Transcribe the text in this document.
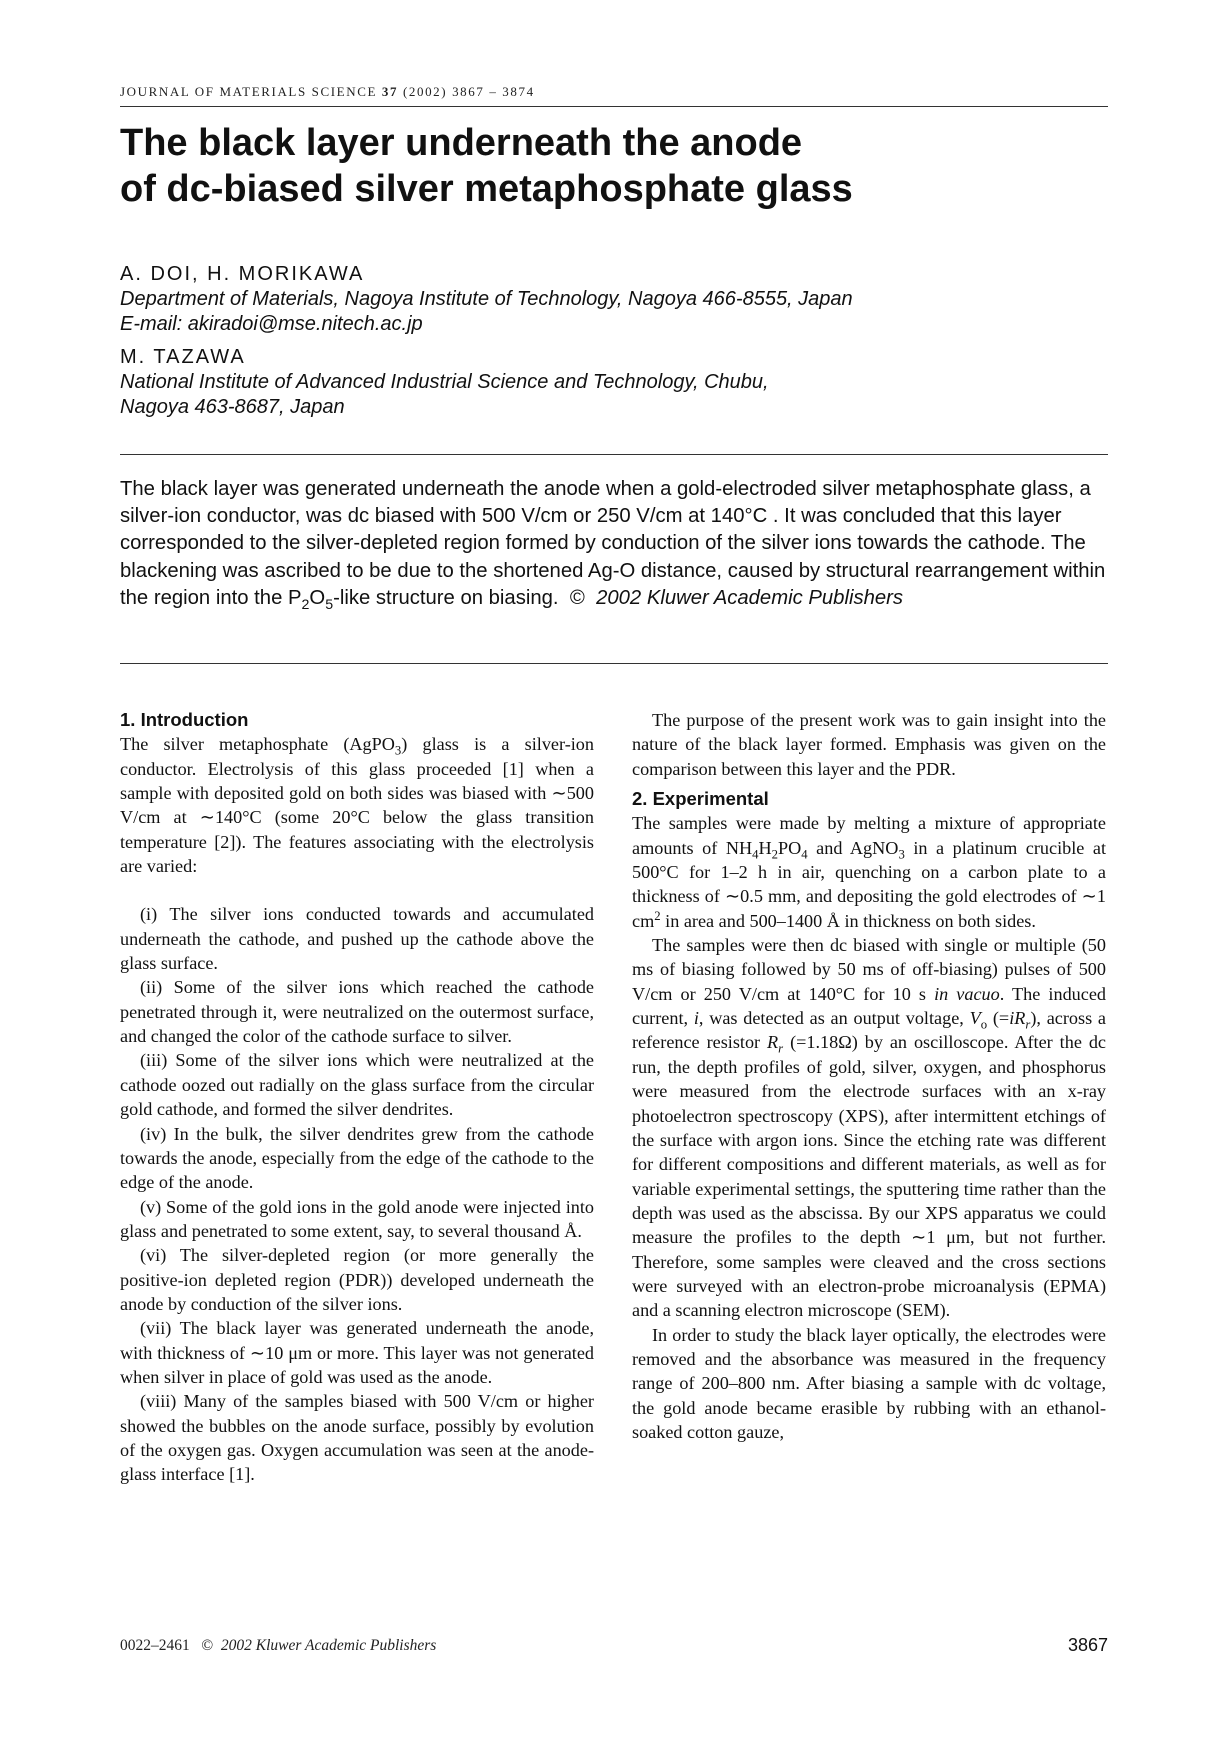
JOURNAL OF MATERIALS SCIENCE 37 (2002) 3867 – 3874
The black layer underneath the anode
of dc-biased silver metaphosphate glass
A. DOI, H. MORIKAWA
Department of Materials, Nagoya Institute of Technology, Nagoya 466-8555, Japan
E-mail: akiradoi@mse.nitech.ac.jp
M. TAZAWA
National Institute of Advanced Industrial Science and Technology, Chubu,
Nagoya 463-8687, Japan
The black layer was generated underneath the anode when a gold-electroded silver metaphosphate glass, a silver-ion conductor, was dc biased with 500 V/cm or 250 V/cm at 140°C . It was concluded that this layer corresponded to the silver-depleted region formed by conduction of the silver ions towards the cathode. The blackening was ascribed to be due to the shortened Ag-O distance, caused by structural rearrangement within the region into the $P_2O_5$-like structure on biasing. © 2002 Kluwer Academic Publishers

1. Introduction

The silver metaphosphate (AgPO$_3$) glass is a silver-ion conductor. Electrolysis of this glass proceeded [1] when a sample with deposited gold on both sides was biased with ∼500 V/cm at ∼140°C (some 20°C below the glass transition temperature [2]). The features associating with the electrolysis are varied:

(i) The silver ions conducted towards and accumulated underneath the cathode, and pushed up the cathode above the glass surface.

(ii) Some of the silver ions which reached the cathode penetrated through it, were neutralized on the outermost surface, and changed the color of the cathode surface to silver.

(iii) Some of the silver ions which were neutralized at the cathode oozed out radially on the glass surface from the circular gold cathode, and formed the silver dendrites.

(iv) In the bulk, the silver dendrites grew from the cathode towards the anode, especially from the edge of the cathode to the edge of the anode.

(v) Some of the gold ions in the gold anode were injected into glass and penetrated to some extent, say, to several thousand Å.

(vi) The silver-depleted region (or more generally the positive-ion depleted region (PDR)) developed underneath the anode by conduction of the silver ions.

(vii) The black layer was generated underneath the anode, with thickness of ∼10 μm or more. This layer was not generated when silver in place of gold was used as the anode.

(viii) Many of the samples biased with 500 V/cm or higher showed the bubbles on the anode surface, possibly by evolution of the oxygen gas. Oxygen accumulation was seen at the anode-glass interface [1].

The purpose of the present work was to gain insight into the nature of the black layer formed. Emphasis was given on the comparison between this layer and the PDR.

2. Experimental

The samples were made by melting a mixture of appropriate amounts of $NH_4H_2PO_4$ and AgNO$_3$ in a platinum crucible at 500°C for 1–2 h in air, quenching on a carbon plate to a thickness of ∼0.5 mm, and depositing the gold electrodes of ∼1 $cm^2$ in area and 500–1400 Å in thickness on both sides.

The samples were then dc biased with single or multiple (50 ms of biasing followed by 50 ms of off-biasing) pulses of 500 V/cm or 250 V/cm at 140°C for 10 s in vacuo. The induced current, i, was detected as an output voltage, $V_o$ $(=iR_r)$, across a reference resistor $R_r$ (=1.18Ω) by an oscilloscope. After the dc run, the depth profiles of gold, silver, oxygen, and phosphorus were measured from the electrode surfaces with an x-ray photoelectron spectroscopy (XPS), after intermittent etchings of the surface with argon ions. Since the etching rate was different for different compositions and different materials, as well as for variable experimental settings, the sputtering time rather than the depth was used as the abscissa. By our XPS apparatus we could measure the profiles to the depth ∼1 μm, but not further. Therefore, some samples were cleaved and the cross sections were surveyed with an electron-probe microanalysis (EPMA) and a scanning electron microscope (SEM).

In order to study the black layer optically, the electrodes were removed and the absorbance was measured in the frequency range of 200–800 nm. After biasing a sample with dc voltage, the gold anode became erasible by rubbing with an ethanol-soaked cotton gauze,

0022–2461 © 2002 Kluwer Academic Publishers	3867
